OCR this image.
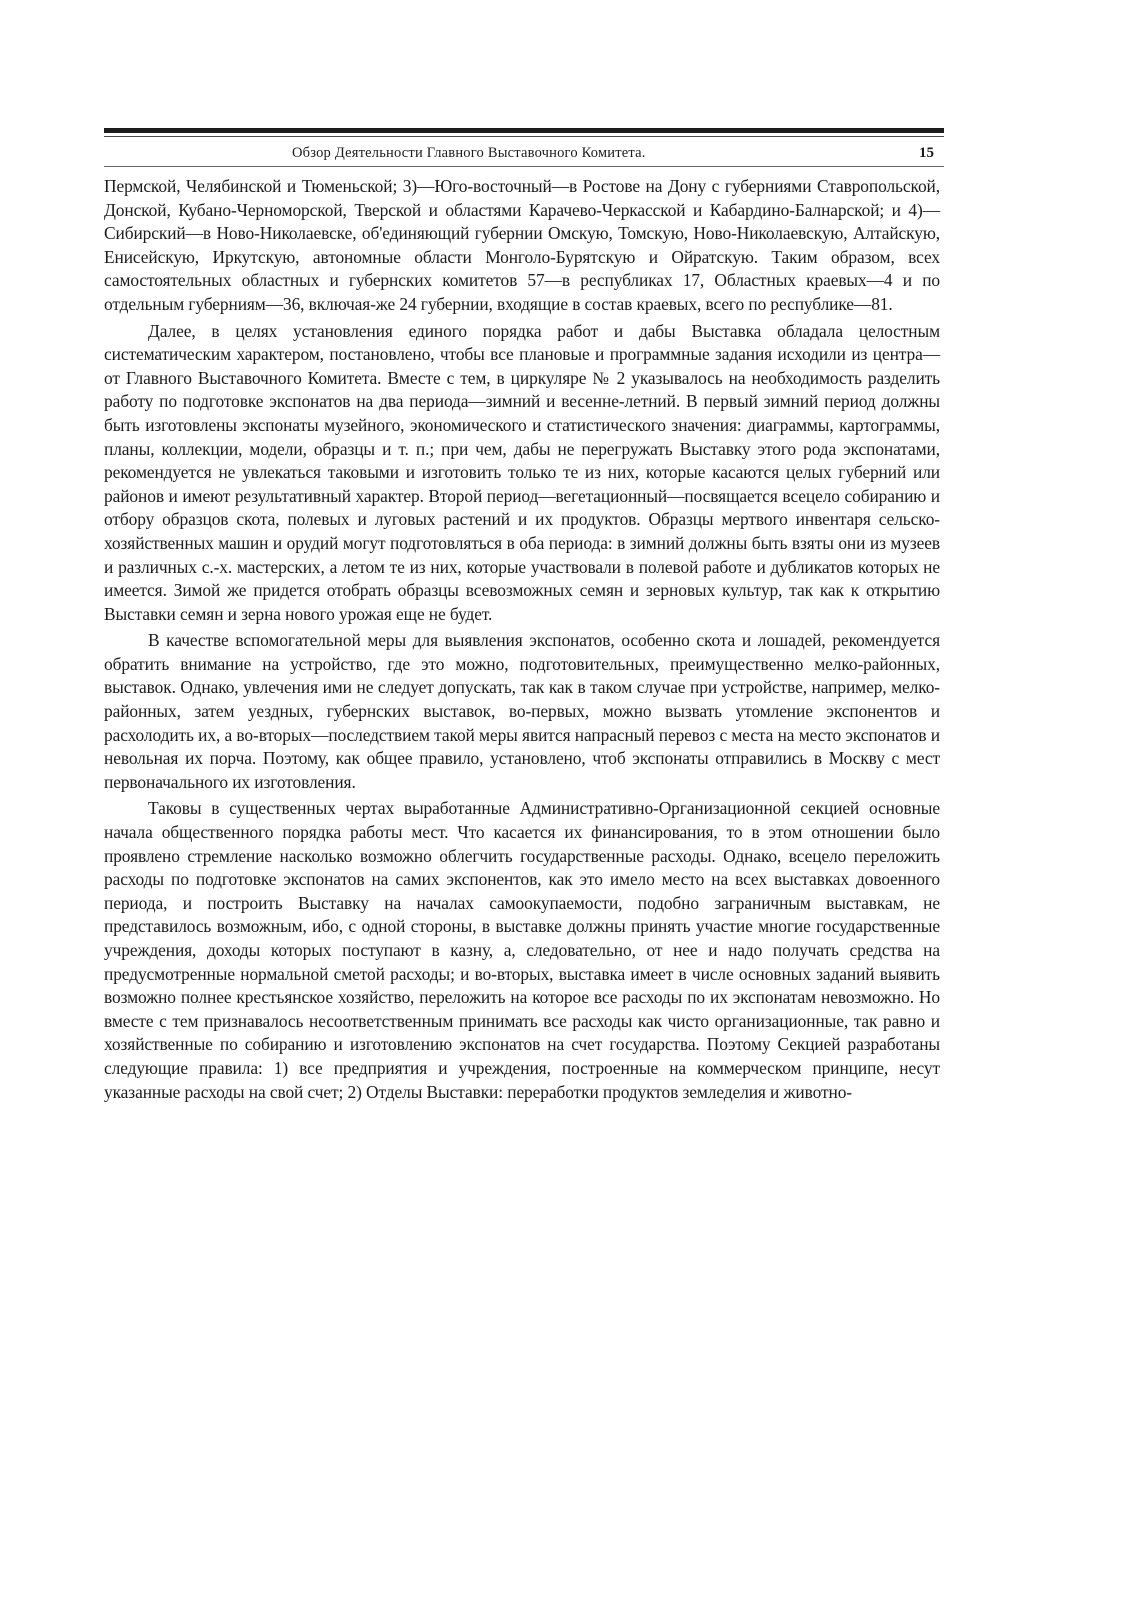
Обзор Деятельности Главного Выставочного Комитета.	15

Пермской, Челябинской и Тюменьской; 3)—Юго-восточный—в Ростове на Дону с губерниями Ставропольской, Донской, Кубано-Черноморской, Тверской и областями Карачево-Черкасской и Кабардино-Балнарской; и 4)—Сибирский—в Ново-Николаевске, об'единяющий губернии Омскую, Томскую, Ново-Николаевскую, Алтайскую, Енисейскую, Иркутскую, автономные области Монголо-Бурятскую и Ойратскую. Таким образом, всех самостоятельных областных и губернских комитетов 57—в республиках 17, Областных краевых—4 и по отдельным губерниям—36, включая-же 24 губернии, входящие в состав краевых, всего по республике—81.

Далее, в целях установления единого порядка работ и дабы Выставка обладала целостным систематическим характером, постановлено, чтобы все плановые и программные задания исходили из центра—от Главного Выставочного Комитета. Вместе с тем, в циркуляре № 2 указывалось на необходимость разделить работу по подготовке экспонатов на два периода—зимний и весенне-летний. В первый зимний период должны быть изготовлены экспонаты музейного, экономического и статистического значения: диаграммы, картограммы, планы, коллекции, модели, образцы и т. п.; при чем, дабы не перегружать Выставку этого рода экспонатами, рекомендуется не увлекаться таковыми и изготовить только те из них, которые касаются целых губерний или районов и имеют результативный характер. Второй период—вегетационный—посвящается всецело собиранию и отбору образцов скота, полевых и луговых растений и их продуктов. Образцы мертвого инвентаря сельско-хозяйственных машин и орудий могут подготовляться в оба периода: в зимний должны быть взяты они из музеев и различных с.-х. мастерских, а летом те из них, которые участвовали в полевой работе и дубликатов которых не имеется. Зимой же придется отобрать образцы всевозможных семян и зерновых культур, так как к открытию Выставки семян и зерна нового урожая еще не будет.

В качестве вспомогательной меры для выявления экспонатов, особенно скота и лошадей, рекомендуется обратить внимание на устройство, где это можно, подготовительных, преимущественно мелко-районных, выставок. Однако, увлечения ими не следует допускать, так как в таком случае при устройстве, например, мелко-районных, затем уездных, губернских выставок, во-первых, можно вызвать утомление экспонентов и расхолодить их, а во-вторых—последствием такой меры явится напрасный перевоз с места на место экспонатов и невольная их порча. Поэтому, как общее правило, установлено, чтоб экспонаты отправились в Москву с мест первоначального их изготовления.

Таковы в существенных чертах выработанные Административно-Организационной секцией основные начала общественного порядка работы мест. Что касается их финансирования, то в этом отношении было проявлено стремление насколько возможно облегчить государственные расходы. Однако, всецело переложить расходы по подготовке экспонатов на самих экспонентов, как это имело место на всех выставках довоенного периода, и построить Выставку на началах самоокупаемости, подобно заграничным выставкам, не представилось возможным, ибо, с одной стороны, в выставке должны принять участие многие государственные учреждения, доходы которых поступают в казну, а, следовательно, от нее и надо получать средства на предусмотренные нормальной сметой расходы; и во-вторых, выставка имеет в числе основных заданий выявить возможно полнее крестьянское хозяйство, переложить на которое все расходы по их экспонатам невозможно. Но вместе с тем признавалось несоответственным принимать все расходы как чисто организационные, так равно и хозяйственные по собиранию и изготовлению экспонатов на счет государства. Поэтому Секцией разработаны следующие правила: 1) все предприятия и учреждения, построенные на коммерческом принципе, несут указанные расходы на свой счет; 2) Отделы Выставки: переработки продуктов земледелия и животно-
